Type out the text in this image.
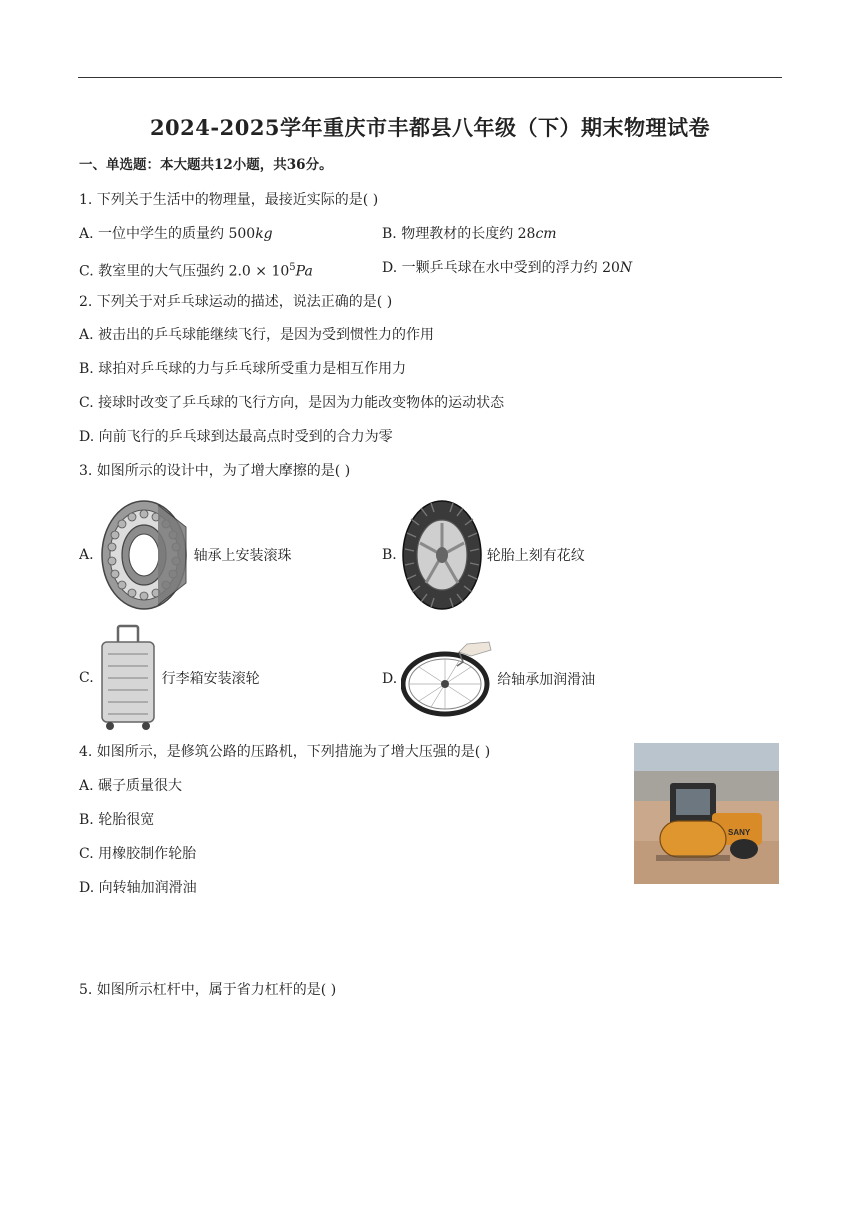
2024-2025学年重庆市丰都县八年级（下）期末物理试卷
一、单选题：本大题共12小题，共36分。
1. 下列关于生活中的物理量，最接近实际的是( )
A. 一位中学生的质量约 500kg	B. 物理教材的长度约 28cm
C. 教室里的大气压强约 $2.0 \times 10^5Pa$	D. 一颗乒乓球在水中受到的浮力约 20N
2. 下列关于对乒乓球运动的描述，说法正确的是( )
A. 被击出的乒乓球能继续飞行，是因为受到惯性力的作用
B. 球拍对乒乓球的力与乒乓球所受重力是相互作用力
C. 接球时改变了乒乓球的飞行方向，是因为力能改变物体的运动状态
D. 向前飞行的乒乓球到达最高点时受到的合力为零
3. 如图所示的设计中，为了增大摩擦的是( )
A.	轴承上安装滚珠	B.	轮胎上刻有花纹
C.	行李箱安装滚轮	D.	给轴承加润滑油
4. 如图所示，是修筑公路的压路机，下列措施为了增大压强的是( )
A. 碾子质量很大
B. 轮胎很宽
C. 用橡胶制作轮胎
D. 向转轴加润滑油
SANY
5. 如图所示杠杆中，属于省力杠杆的是( )
